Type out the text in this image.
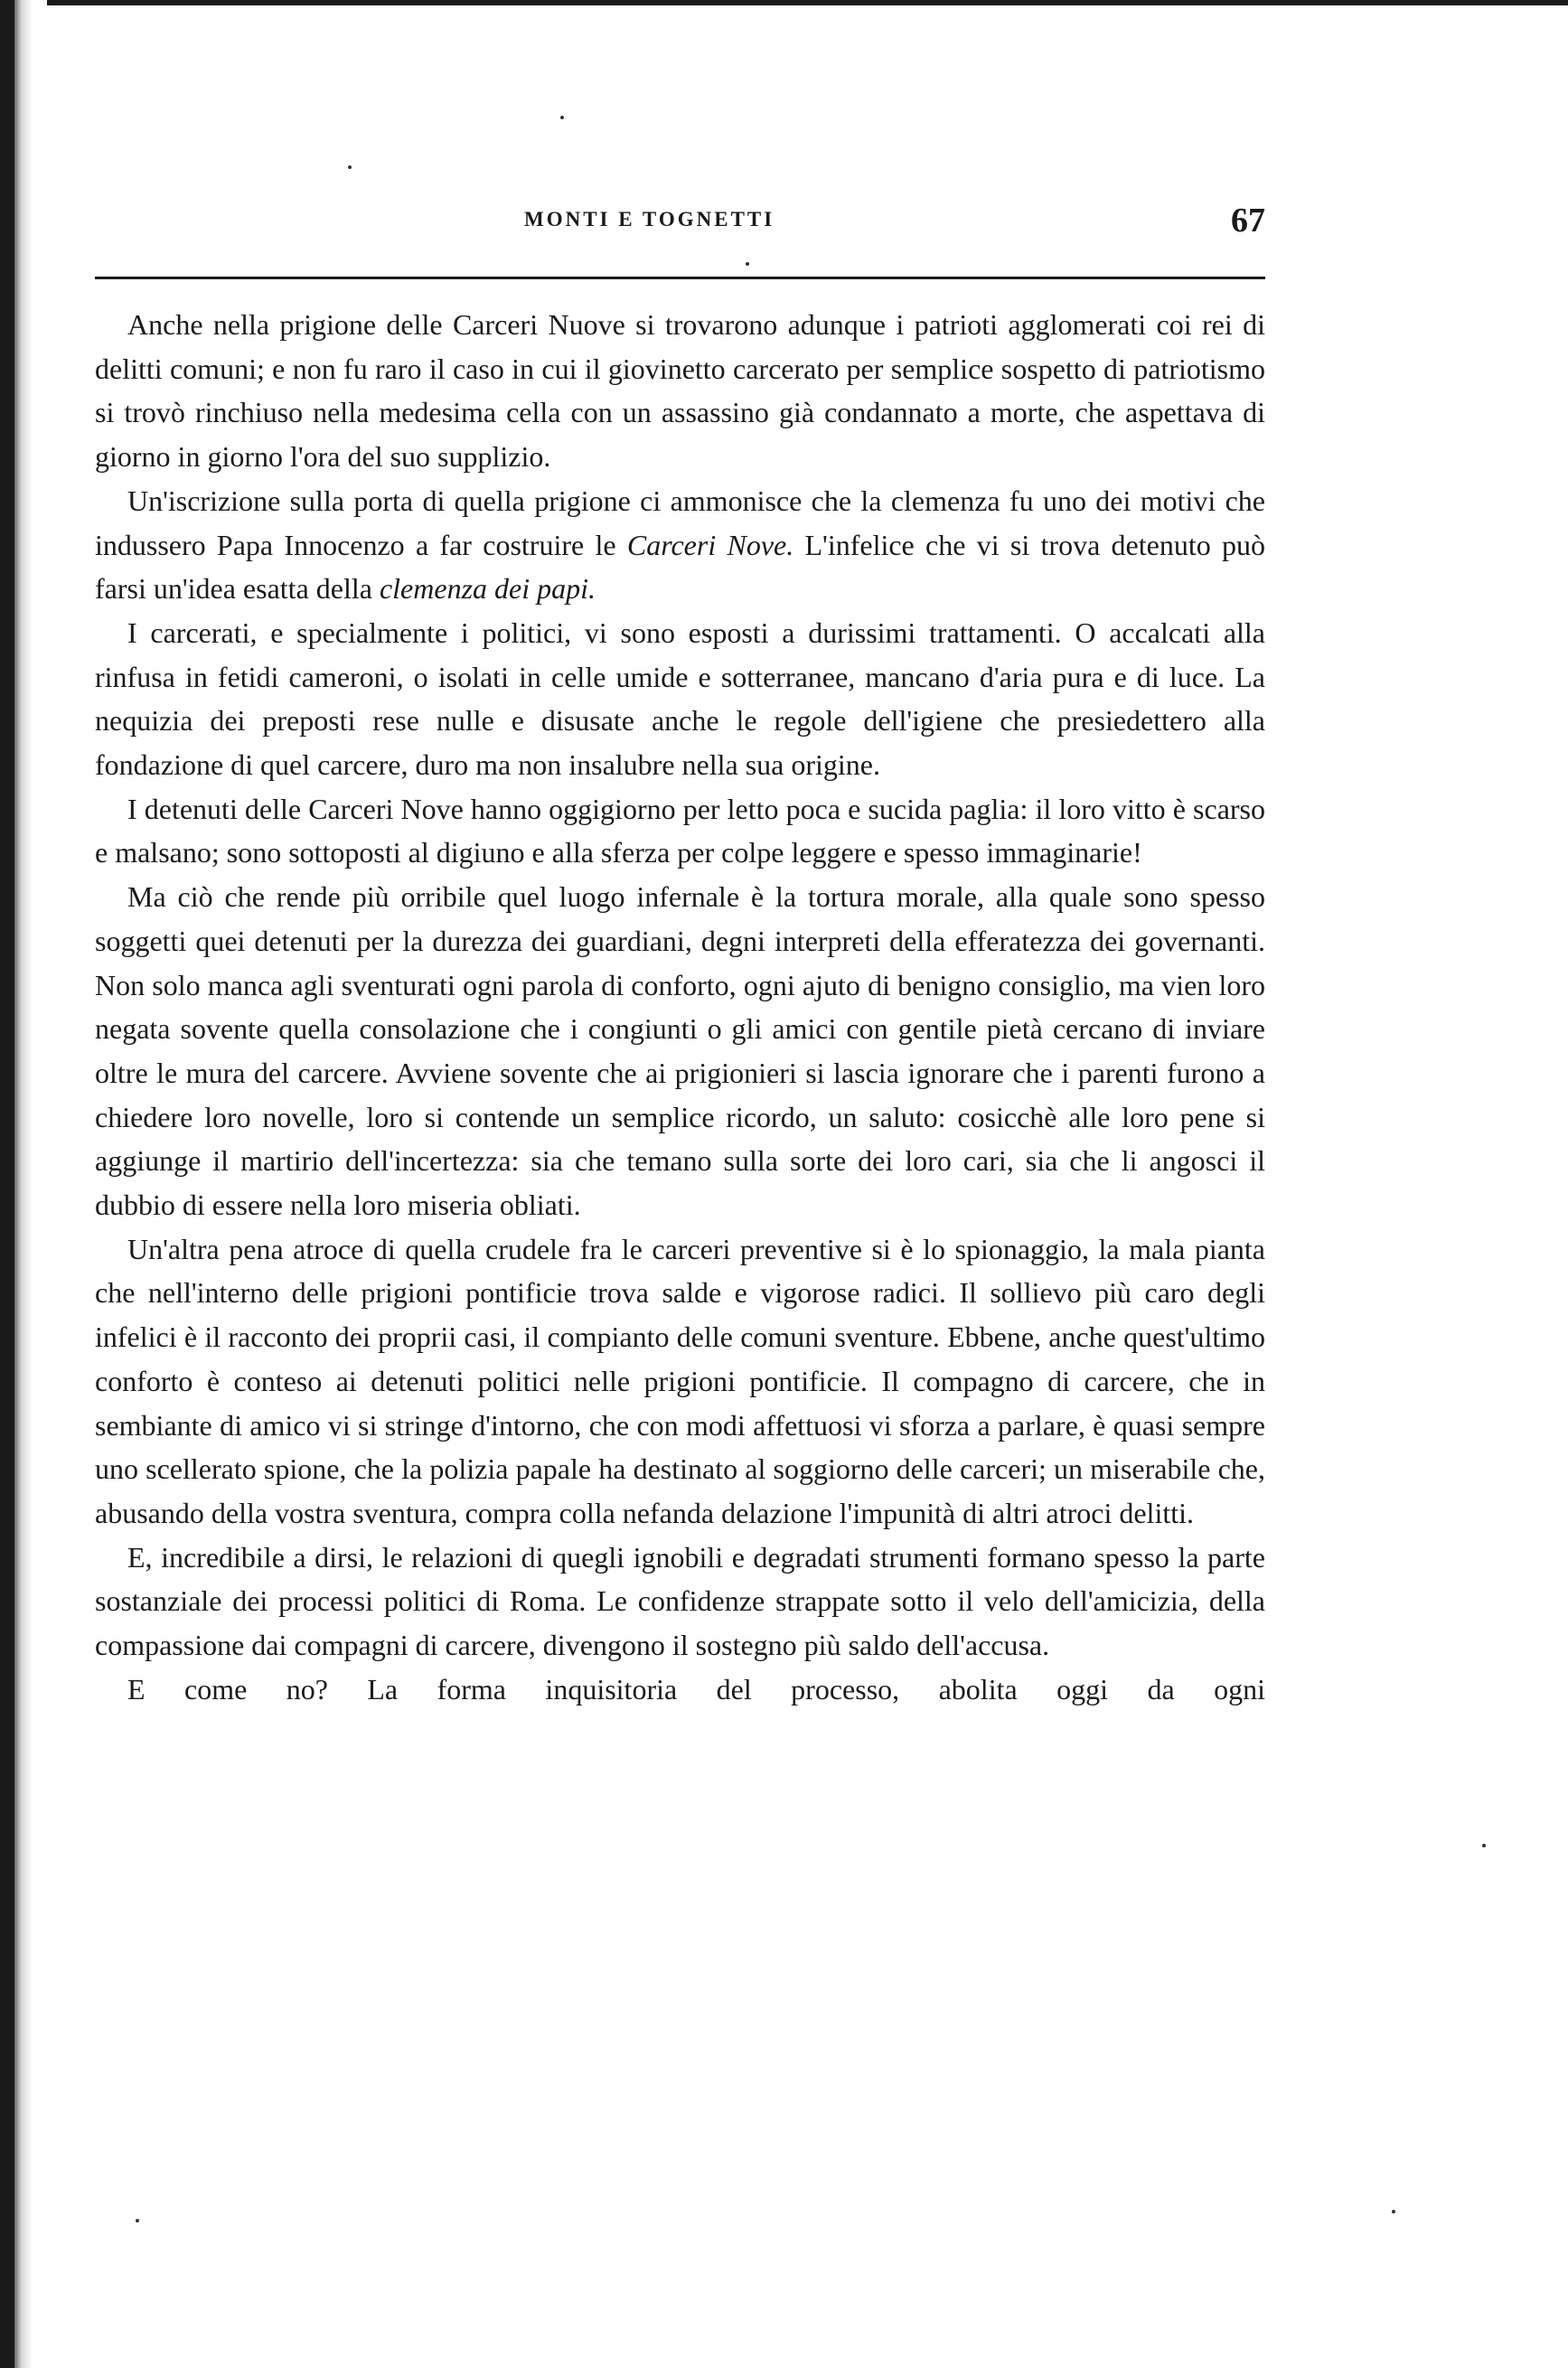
MONTI E TOGNETTI	67

Anche nella prigione delle Carceri Nuove si trovarono adunque i patrioti agglomerati coi rei di delitti comuni; e non fu raro il caso in cui il giovinetto carcerato per semplice sospetto di patriotismo si trovò rinchiuso nella medesima cella con un assassino già condannato a morte, che aspettava di giorno in giorno l'ora del suo supplizio.

Un'iscrizione sulla porta di quella prigione ci ammonisce che la clemenza fu uno dei motivi che indussero Papa Innocenzo a far costruire le Carceri Nove. L'infelice che vi si trova detenuto può farsi un'idea esatta della clemenza dei papi.

I carcerati, e specialmente i politici, vi sono esposti a durissimi trattamenti. O accalcati alla rinfusa in fetidi cameroni, o isolati in celle umide e sotterranee, mancano d'aria pura e di luce. La nequizia dei preposti rese nulle e disusate anche le regole dell'igiene che presiedettero alla fondazione di quel carcere, duro ma non insalubre nella sua origine.

I detenuti delle Carceri Nove hanno oggigiorno per letto poca e sucida paglia: il loro vitto è scarso e malsano; sono sottoposti al digiuno e alla sferza per colpe leggere e spesso immaginarie!

Ma ciò che rende più orribile quel luogo infernale è la tortura morale, alla quale sono spesso soggetti quei detenuti per la durezza dei guardiani, degni interpreti della efferatezza dei governanti. Non solo manca agli sventurati ogni parola di conforto, ogni ajuto di benigno consiglio, ma vien loro negata sovente quella consolazione che i congiunti o gli amici con gentile pietà cercano di inviare oltre le mura del carcere. Avviene sovente che ai prigionieri si lascia ignorare che i parenti furono a chiedere loro novelle, loro si contende un semplice ricordo, un saluto: cosicchè alle loro pene si aggiunge il martirio dell'incertezza: sia che temano sulla sorte dei loro cari, sia che li angosci il dubbio di essere nella loro miseria obliati.

Un'altra pena atroce di quella crudele fra le carceri preventive si è lo spionaggio, la mala pianta che nell'interno delle prigioni pontificie trova salde e vigorose radici. Il sollievo più caro degli infelici è il racconto dei proprii casi, il compianto delle comuni sventure. Ebbene, anche quest'ultimo conforto è conteso ai detenuti politici nelle prigioni pontificie. Il compagno di carcere, che in sembiante di amico vi si stringe d'intorno, che con modi affettuosi vi sforza a parlare, è quasi sempre uno scellerato spione, che la polizia papale ha destinato al soggiorno delle carceri; un miserabile che, abusando della vostra sventura, compra colla nefanda delazione l'impunità di altri atroci delitti.

E, incredibile a dirsi, le relazioni di quegli ignobili e degradati strumenti formano spesso la parte sostanziale dei processi politici di Roma. Le confidenze strappate sotto il velo dell'amicizia, della compassione dai compagni di carcere, divengono il sostegno più saldo dell'accusa.

E come no? La forma inquisitoria del processo, abolita oggi da ogni
